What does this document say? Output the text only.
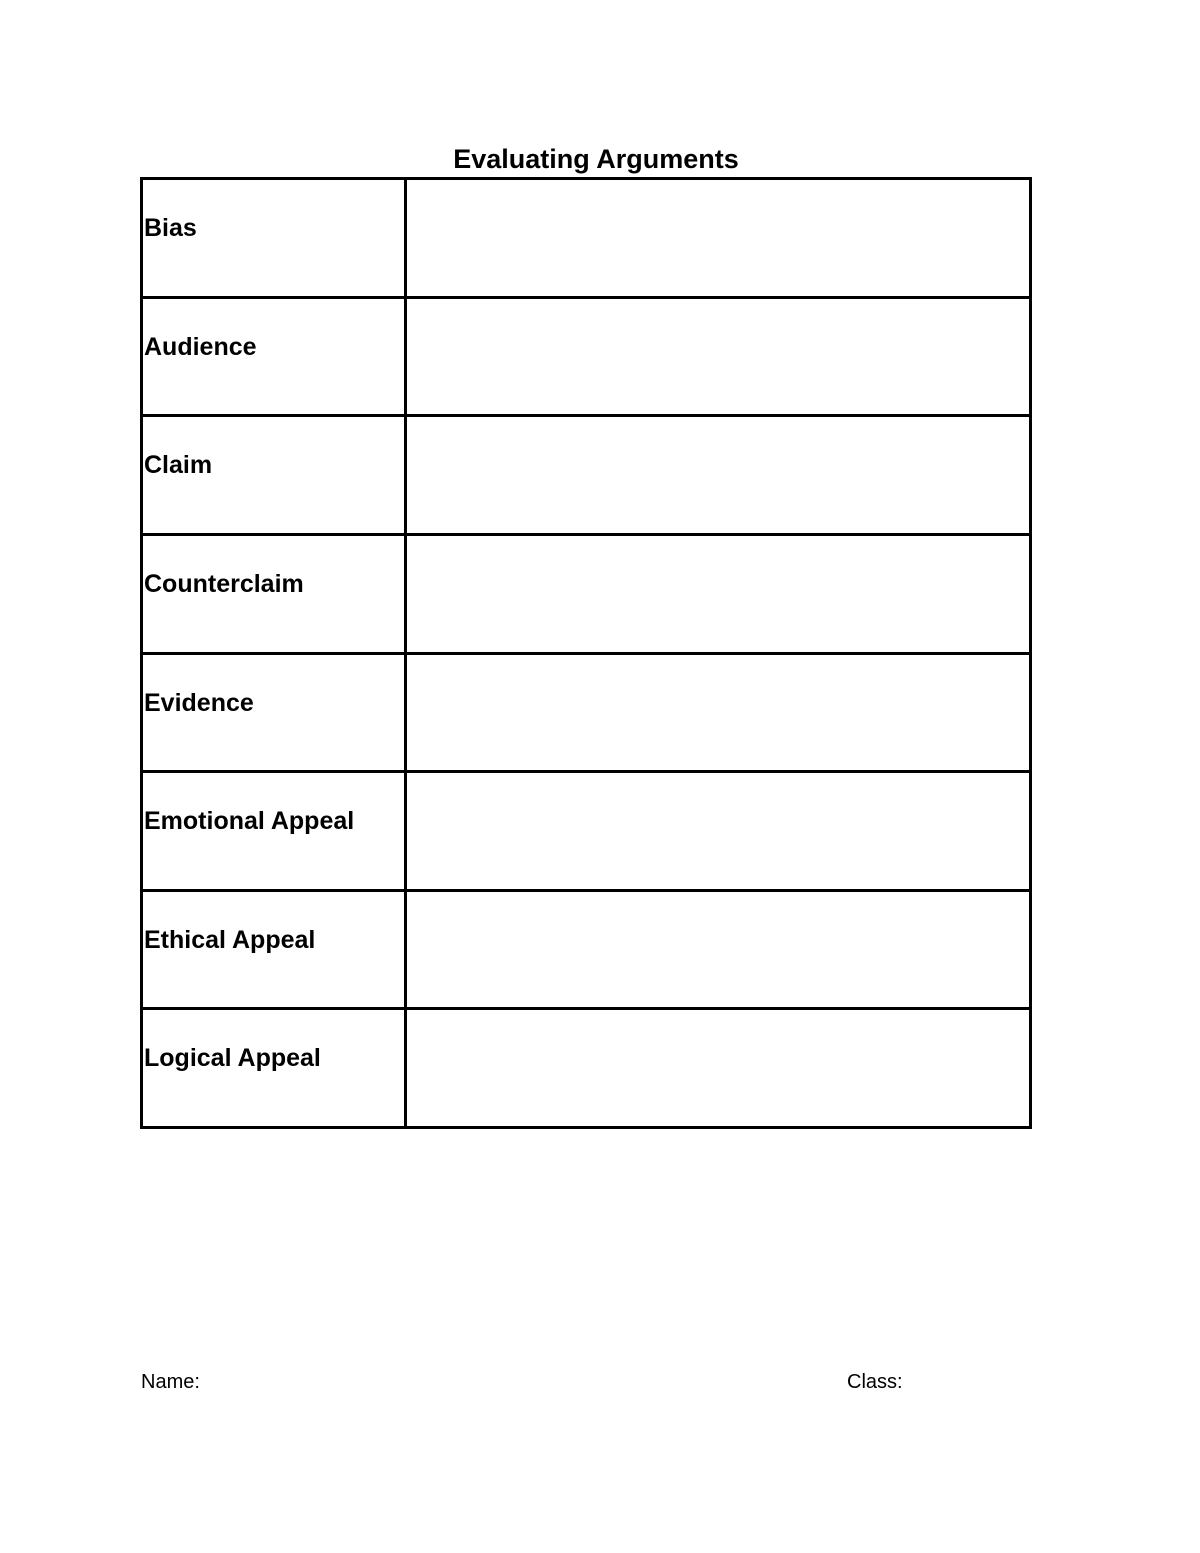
Evaluating Arguments
Bias	

Audience	

Claim	

Counterclaim	

Evidence	

Emotional Appeal	

Ethical Appeal	

Logical Appeal	

Name:	Class:
